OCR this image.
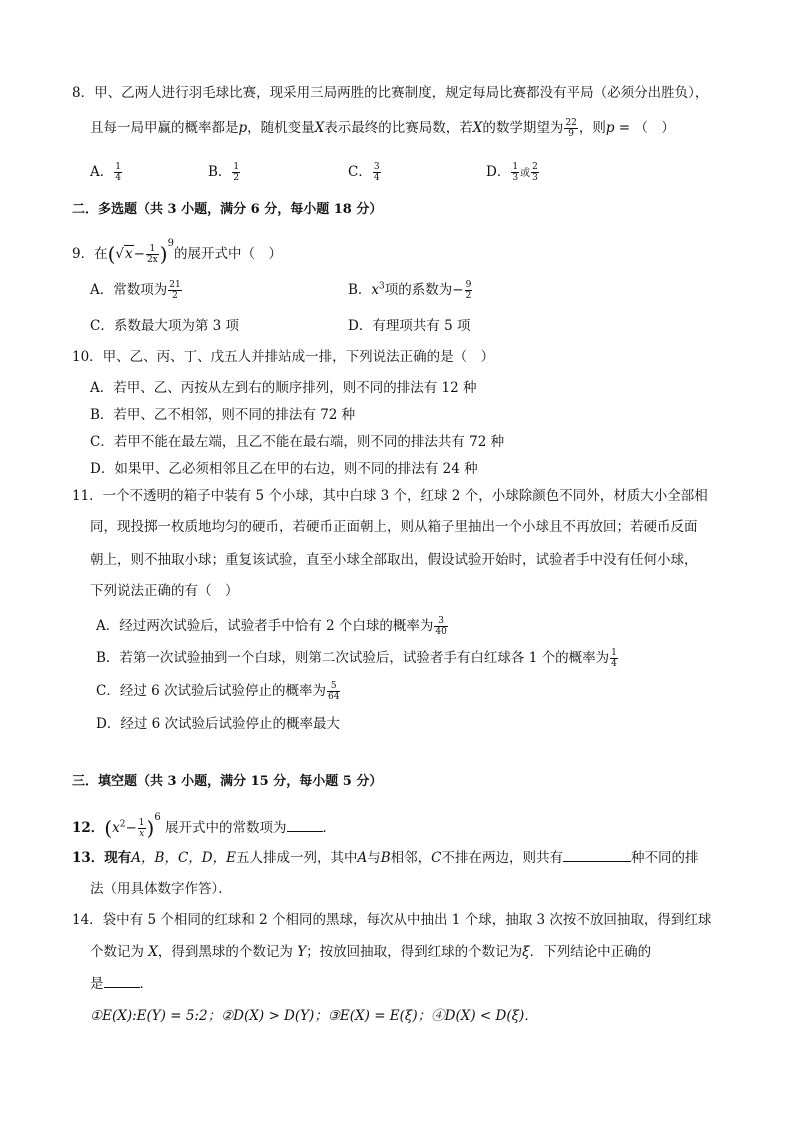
8．甲、乙两人进行羽毛球比赛，现采用三局两胜的比赛制度，规定每局比赛都没有平局（必须分出胜负），
且每一局甲赢的概率都是p，随机变量X表示最终的比赛局数，若X的数学期望为 $\frac{22}{9}$ ，则p = （　）
A． $\frac{1}{4}$	B． $\frac{1}{2}$	C． $\frac{3}{4}$	D． $\frac{1}{3}$ 或 $\frac{2}{3}$
二．多选题（共 3 小题，满分 6 分，每小题 18 分）
9．在$(√x- \frac{1}{2x} )^9$的展开式中（　）
A．常数项为 $\frac{21}{2}$	B．$x^3$项的系数为− $\frac{9}{2}$
C．系数最大项为第 3 项	D．有理项共有 5 项
10．甲、乙、丙、丁、戊五人并排站成一排，下列说法正确的是（　）
A．若甲、乙、丙按从左到右的顺序排列，则不同的排法有 12 种
B．若甲、乙不相邻，则不同的排法有 72 种
C．若甲不能在最左端，且乙不能在最右端，则不同的排法共有 72 种
D．如果甲、乙必须相邻且乙在甲的右边，则不同的排法有 24 种
11．一个不透明的箱子中装有 5 个小球，其中白球 3 个，红球 2 个，小球除颜色不同外，材质大小全部相
同，现投掷一枚质地均匀的硬币，若硬币正面朝上，则从箱子里抽出一个小球且不再放回；若硬币反面
朝上，则不抽取小球；重复该试验，直至小球全部取出，假设试验开始时，试验者手中没有任何小球，
下列说法正确的有（　）
A．经过两次试验后，试验者手中恰有 2 个白球的概率为 $\frac{3}{40}$
B．若第一次试验抽到一个白球，则第二次试验后，试验者手有白红球各 1 个的概率为 $\frac{1}{4}$
C．经过 6 次试验后试验停止的概率为 $\frac{5}{64}$
D．经过 6 次试验后试验停止的概率最大
三．填空题（共 3 小题，满分 15 分，每小题 5 分）
12．$(x^2- \frac{1}{x} )^6$ 展开式中的常数项为	．
13．现有A，B，C，D，E五人排成一列，其中A与B相邻，C不排在两边，则共有	种不同的排
法（用具体数字作答）．
14．袋中有 5 个相同的红球和 2 个相同的黑球，每次从中抽出 1 个球，抽取 3 次按不放回抽取，得到红球
个数记为 X，得到黑球的个数记为 Y；按放回抽取，得到红球的个数记为ξ．下列结论中正确的
是	．
①E(X):E(Y) = 5:2；②D(X) > D(Y)；③E(X) = E(ξ)；④D(X) < D(ξ)．
